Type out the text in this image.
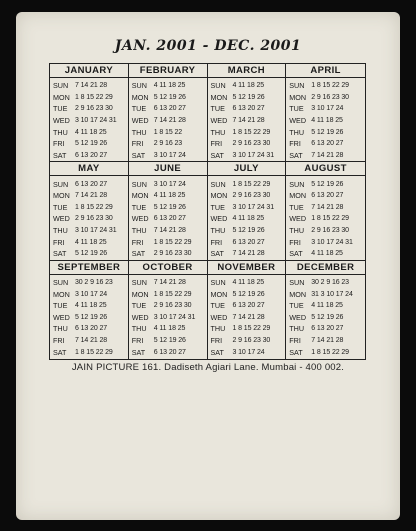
JAN. 2001 - DEC. 2001
JANUARY
SUN 7 14 21 28
MON 1 8 15 22 29
TUE	2 9 16 23 30
WED 3 10 17 24 31
THU	4 11 18 25
FRI	5 12 19 26
SAT	6 13 20 27
FEBRUARY
SUN 4 11 18 25
MON 5 12 19 26
TUE	6 13 20 27
WED 7 14 21 28
THU	1 8 15 22
FRI	2 9 16 23
SAT	3 10 17 24
MARCH
SUN 4 11 18 25
MON 5 12 19 26
TUE	6 13 20 27
WED 7 14 21 28
THU	1 8 15 22 29
FRI	2 9 16 23 30
SAT	3 10 17 24 31
APRIL
SUN 1 8 15 22 29
MON 2 9 16 23 30
TUE	3 10 17 24
WED 4 11 18 25
THU	5 12 19 26
FRI	6 13 20 27
SAT	7 14 21 28
MAY
SUN 6 13 20 27
MON 7 14 21 28
TUE	1 8 15 22 29
WED 2 9 16 23 30
THU	3 10 17 24 31
FRI	4 11 18 25
SAT	5 12 19 26
JUNE
SUN 3 10 17 24
MON 4 11 18 25
TUE	5 12 19 26
WED 6 13 20 27
THU	7 14 21 28
FRI	1 8 15 22 29
SAT	2 9 16 23 30
JULY
SUN 1 8 15 22 29
MON 2 9 16 23 30
TUE	3 10 17 24 31
WED 4 11 18 25
THU	5 12 19 26
FRI	6 13 20 27
SAT	7 14 21 28
AUGUST
SUN 5 12 19 26
MON 6 13 20 27
TUE	7 14 21 28
WED 1 8 15 22 29
THU	2 9 16 23 30
FRI	3 10 17 24 31
SAT	4 11 18 25
SEPTEMBER
SUN 30 2 9 16 23
MON 3 10 17 24
TUE	4 11 18 25
WED 5 12 19 26
THU	6 13 20 27
FRI	7 14 21 28
SAT	1 8 15 22 29
OCTOBER
SUN 7 14 21 28
MON 1 8 15 22 29
TUE	2 9 16 23 30
WED 3 10 17 24 31
THU	4 11 18 25
FRI	5 12 19 26
SAT	6 13 20 27
NOVEMBER
SUN 4 11 18 25
MON 5 12 19 26
TUE	6 13 20 27
WED 7 14 21 28
THU	1 8 15 22 29
FRI	2 9 16 23 30
SAT	3 10 17 24
DECEMBER
SUN 30 2 9 16 23
MON 31 3 10 17 24
TUE	4 11 18 25
WED 5 12 19 26
THU	6 13 20 27
FRI	7 14 21 28
SAT	1 8 15 22 29
JAIN PICTURE 161. Dadiseth Agiari Lane. Mumbai - 400 002.
